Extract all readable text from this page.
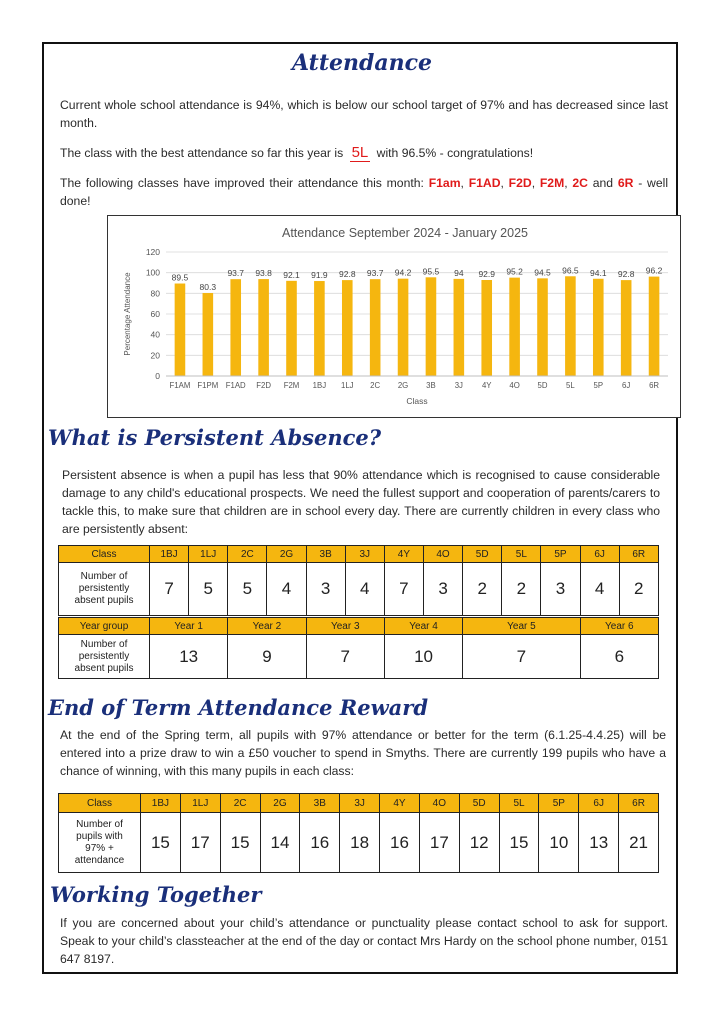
Attendance
Current whole school attendance is 94%, which is below our school target of 97% and has decreased since last month.
The class with the best attendance so far this year is 5L with 96.5% - congratulations!
The following classes have improved their attendance this month: F1am, F1AD, F2D, F2M, 2C and 6R - well done!
Attendance September 2024 - January 2025
0
20
40
60
80
100
120
Percentage Attendance
Class
89.5
F1AM
80.3
F1PM
93.7
F1AD
93.8
F2D
92.1
F2M
91.9
1BJ
92.8
1LJ
93.7
2C
94.2
2G
95.5
3B
94
3J
92.9
4Y
95.2
4O
94.5
5D
96.5
5L
94.1
5P
92.8
6J
96.2
6R
What is Persistent Absence?
Persistent absence is when a pupil has less that 90% attendance which is recognised to cause considerable damage to any child's educational prospects. We need the fullest support and cooperation of parents/carers to tackle this, to make sure that children are in school every day. There are currently children in every class who are persistently absent:
Class	1BJ	1LJ	2C	2G	3B	3J	4Y	4O	5D	5L	5P	6J	6R
Number of persistently absent pupils	7	5	5	4	3	4	7	3	2	2	3	4	2
Year group	Year 1	Year 2	Year 3	Year 4	Year 5	Year 6
Number of persistently absent pupils	13	9	7	10	7	6
End of Term Attendance Reward
At the end of the Spring term, all pupils with 97% attendance or better for the term (6.1.25-4.4.25) will be entered into a prize draw to win a £50 voucher to spend in Smyths. There are currently 199 pupils who have a chance of winning, with this many pupils in each class:
Class	1BJ	1LJ	2C	2G	3B	3J	4Y	4O	5D	5L	5P	6J	6R
Number of pupils with 97% + attendance	15	17	15	14	16	18	16	17	12	15	10	13	21
Working Together
If you are concerned about your child’s attendance or punctuality please contact school to ask for support. Speak to your child’s classteacher at the end of the day or contact Mrs Hardy on the school phone number, 0151 647 8197.
